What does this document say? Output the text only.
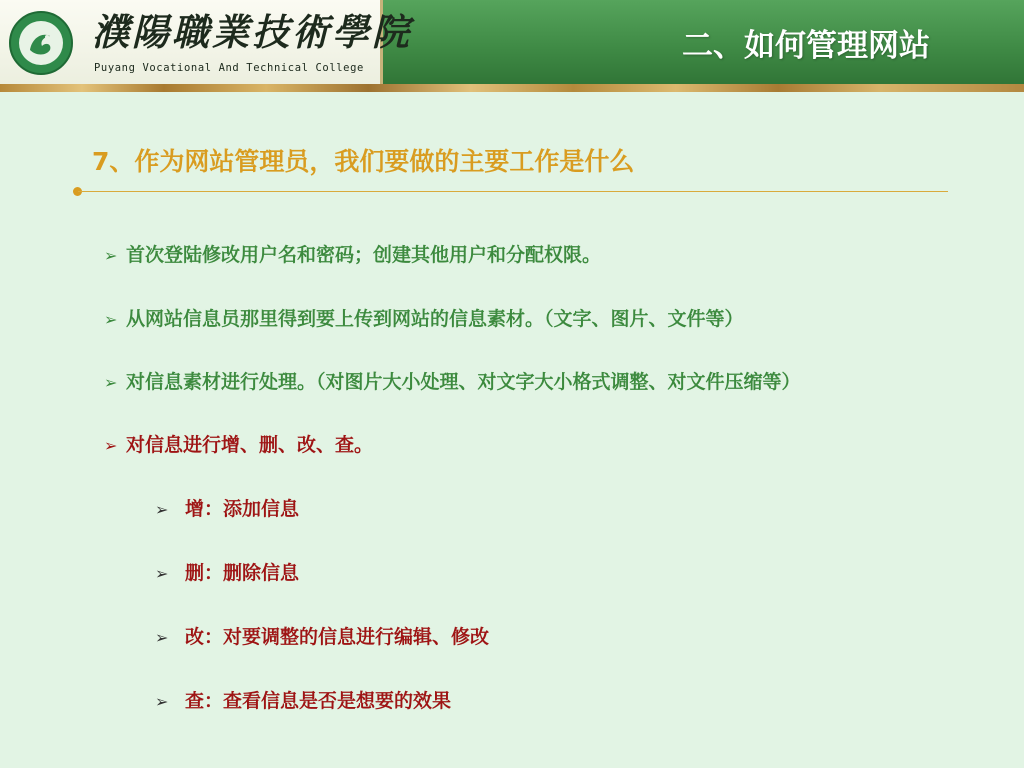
濮陽職業技術學院
Puyang Vocational And Technical College
二、如何管理网站
7、作为网站管理员，我们要做的主要工作是什么
➢ 首次登陆修改用户名和密码；创建其他用户和分配权限。
➢ 从网站信息员那里得到要上传到网站的信息素材。（文字、图片、文件等）
➢ 对信息素材进行处理。（对图片大小处理、对文字大小格式调整、对文件压缩等）
➢ 对信息进行增、删、改、查。
➢ 增：添加信息
➢ 删：删除信息
➢ 改：对要调整的信息进行编辑、修改
➢ 查：查看信息是否是想要的效果
